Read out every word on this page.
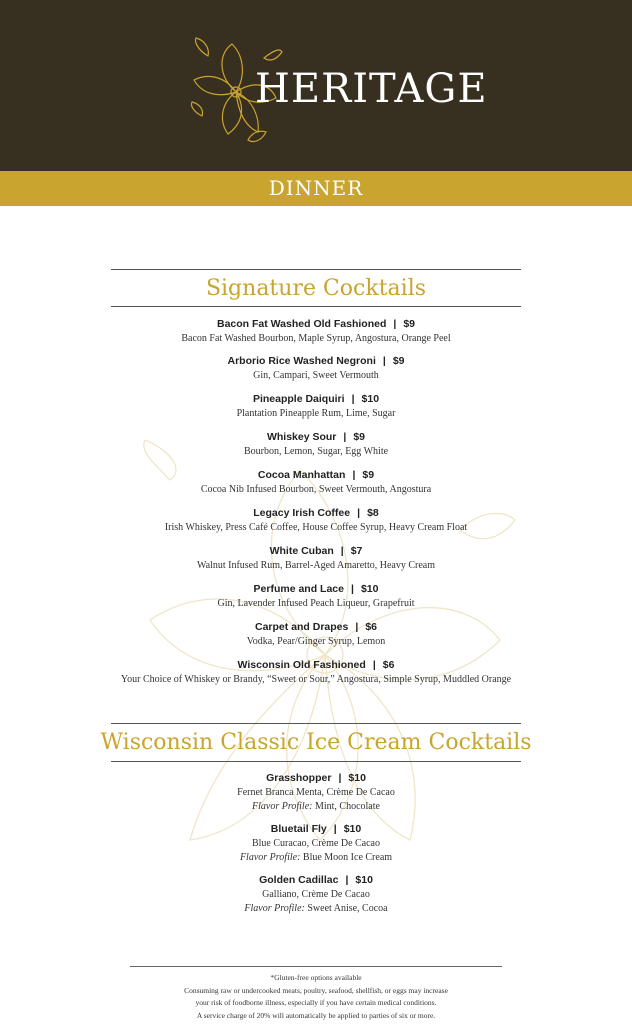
HERITAGE
DINNER
Signature Cocktails
Bacon Fat Washed Old Fashioned | $9
Bacon Fat Washed Bourbon, Maple Syrup, Angostura, Orange Peel
Arborio Rice Washed Negroni | $9
Gin, Campari, Sweet Vermouth
Pineapple Daiquiri | $10
Plantation Pineapple Rum, Lime, Sugar
Whiskey Sour | $9
Bourbon, Lemon, Sugar, Egg White
Cocoa Manhattan | $9
Cocoa Nib Infused Bourbon, Sweet Vermouth, Angostura
Legacy Irish Coffee | $8
Irish Whiskey, Press Café Coffee, House Coffee Syrup, Heavy Cream Float
White Cuban | $7
Walnut Infused Rum, Barrel-Aged Amaretto, Heavy Cream
Perfume and Lace | $10
Gin, Lavender Infused Peach Liqueur, Grapefruit
Carpet and Drapes | $6
Vodka, Pear/Ginger Syrup, Lemon
Wisconsin Old Fashioned | $6
Your Choice of Whiskey or Brandy, “Sweet or Sour,” Angostura, Simple Syrup, Muddled Orange
Wisconsin Classic Ice Cream Cocktails
Grasshopper | $10
Fernet Branca Menta, Crème De Cacao
Flavor Profile: Mint, Chocolate
Bluetail Fly | $10
Blue Curacao, Crème De Cacao
Flavor Profile: Blue Moon Ice Cream
Golden Cadillac | $10
Galliano, Crème De Cacao
Flavor Profile: Sweet Anise, Cocoa
*Gluten-free options available
Consuming raw or undercooked meats, poultry, seafood, shellfish, or eggs may increase
your risk of foodborne illness, especially if you have certain medical conditions.
A service charge of 20% will automatically be applied to parties of six or more.
